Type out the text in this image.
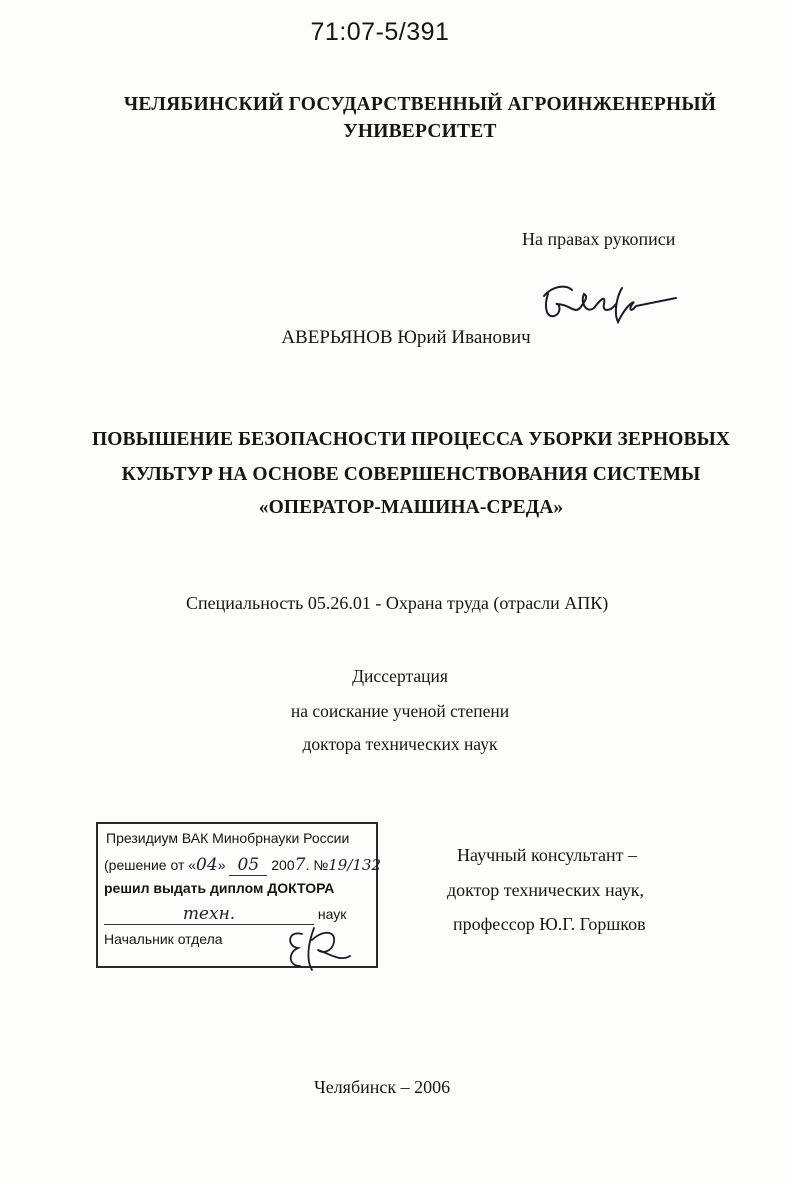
71:07-5/391
ЧЕЛЯБИНСКИЙ ГОСУДАРСТВЕННЫЙ АГРОИНЖЕНЕРНЫЙ
УНИВЕРСИТЕТ
На правах рукописи
АВЕРЬЯНОВ Юрий Иванович
ПОВЫШЕНИЕ БЕЗОПАСНОСТИ ПРОЦЕССА УБОРКИ ЗЕРНОВЫХ
КУЛЬТУР НА ОСНОВЕ СОВЕРШЕНСТВОВАНИЯ СИСТЕМЫ
«ОПЕРАТОР-МАШИНА-СРЕДА»
Специальность 05.26.01 - Охрана труда (отрасли АПК)
Диссертация
на соискание ученой степени
доктора технических наук
Президиум ВАК Минобрнауки России
(решение от «04» 05 2007. №19/132
решил выдать диплом ДОКТОРА
техн.	наук
Начальник отдела
Научный консультант –
доктор технических наук,
профессор Ю.Г. Горшков
Челябинск – 2006
